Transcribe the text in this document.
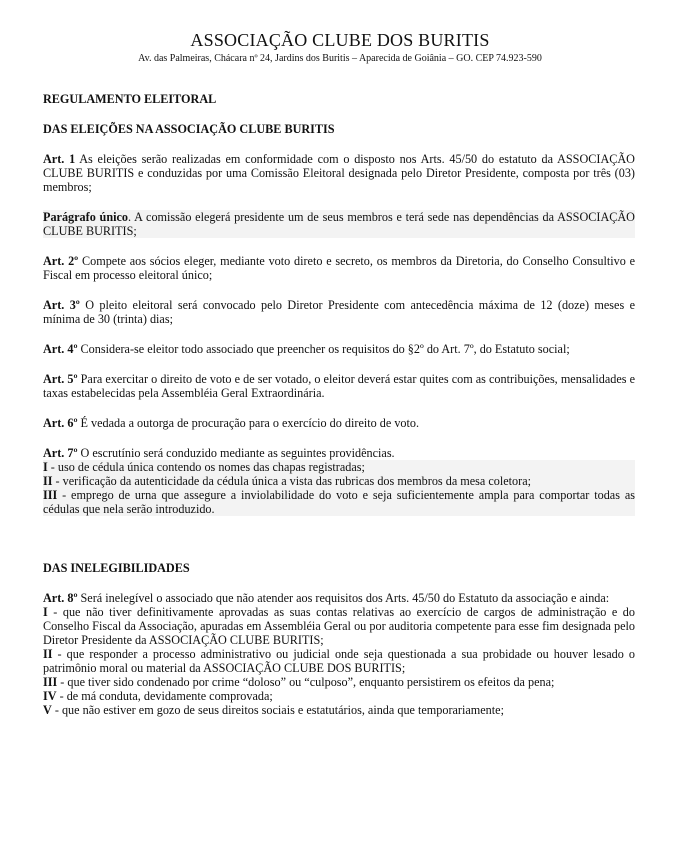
ASSOCIAÇÃO CLUBE DOS BURITIS
Av. das Palmeiras, Chácara nº 24, Jardins dos Buritis – Aparecida de Goiânia – GO. CEP 74.923-590

REGULAMENTO ELEITORAL

DAS ELEIÇÕES NA ASSOCIAÇÃO CLUBE BURITIS

Art. 1 As eleições serão realizadas em conformidade com o disposto nos Arts. 45/50 do estatuto da ASSOCIAÇÃO CLUBE BURITIS e conduzidas por uma Comissão Eleitoral designada pelo Diretor Presidente, composta por três (03) membros;

Parágrafo único. A comissão elegerá presidente um de seus membros e terá sede nas dependências da ASSOCIAÇÃO CLUBE BURITIS;

Art. 2º Compete aos sócios eleger, mediante voto direto e secreto, os membros da Diretoria, do Conselho Consultivo e Fiscal em processo eleitoral único;

Art. 3º O pleito eleitoral será convocado pelo Diretor Presidente com antecedência máxima de 12 (doze) meses e mínima de 30 (trinta) dias;

Art. 4º Considera-se eleitor todo associado que preencher os requisitos do §2º do Art. 7º, do Estatuto social;

Art. 5º Para exercitar o direito de voto e de ser votado, o eleitor deverá estar quites com as contribuições, mensalidades e taxas estabelecidas pela Assembléia Geral Extraordinária.

Art. 6º É vedada a outorga de procuração para o exercício do direito de voto.

Art. 7º O escrutínio será conduzido mediante as seguintes providências.

I - uso de cédula única contendo os nomes das chapas registradas;

II - verificação da autenticidade da cédula única a vista das rubricas dos membros da mesa coletora;

III - emprego de urna que assegure a inviolabilidade do voto e seja suficientemente ampla para comportar todas as cédulas que nela serão introduzido.

DAS INELEGIBILIDADES

Art. 8º Será inelegível o associado que não atender aos requisitos dos Arts. 45/50 do Estatuto da associação e ainda:

I - que não tiver definitivamente aprovadas as suas contas relativas ao exercício de cargos de administração e do Conselho Fiscal da Associação, apuradas em Assembléia Geral ou por auditoria competente para esse fim designada pelo Diretor Presidente da ASSOCIAÇÃO CLUBE BURITIS;

II - que responder a processo administrativo ou judicial onde seja questionada a sua probidade ou houver lesado o patrimônio moral ou material da ASSOCIAÇÃO CLUBE DOS BURITIS;

III - que tiver sido condenado por crime “doloso” ou “culposo”, enquanto persistirem os efeitos da pena;

IV - de má conduta, devidamente comprovada;

V - que não estiver em gozo de seus direitos sociais e estatutários, ainda que temporariamente;
